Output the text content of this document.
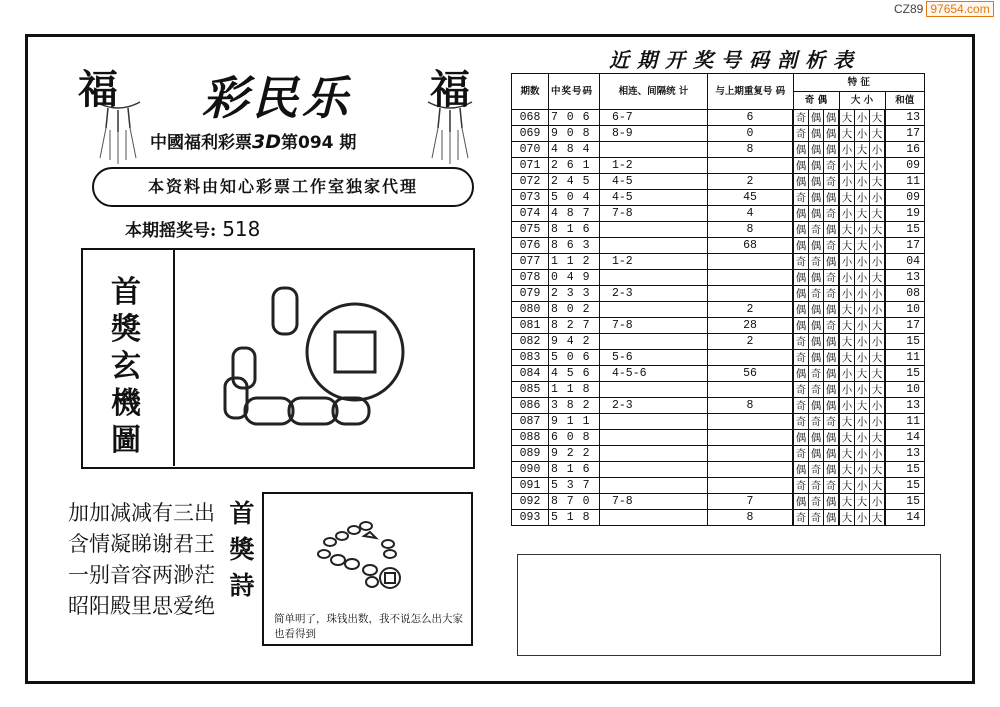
CZ89 97654.com
福	福
彩民乐
中國福利彩票3D第094 期
本资料由知心彩票工作室独家代理
本期摇奖号: 518
首
獎
玄
機
圖
加加减减有三出
含情凝睇谢君王
一别音容两渺茫
昭阳殿里思爱绝
首
獎
詩
简单明了，珠钱出数，我不说怎么出大家也看得到
近期开奖号码剖析表
期数	中奖号码	相连、间隔统 计	与上期重复号 码	特 征						
				奇 偶			大 小			和值
068	7 0 6	6-7	6	奇	偶	偶	大	小	大	13
069	9 0 8	8-9	0	奇	偶	偶	大	小	大	17
070	4 8 4		8	偶	偶	偶	小	大	小	16
071	2 6 1	1-2		偶	偶	奇	小	大	小	09
072	2 4 5	4-5	2	偶	偶	奇	小	小	大	11
073	5 0 4	4-5	45	奇	偶	偶	大	小	小	09
074	4 8 7	7-8	4	偶	偶	奇	小	大	大	19
075	8 1 6		8	偶	奇	偶	大	小	大	15
076	8 6 3		68	偶	偶	奇	大	大	小	17
077	1 1 2	1-2		奇	奇	偶	小	小	小	04
078	0 4 9			偶	偶	奇	小	小	大	13
079	2 3 3	2-3		偶	奇	奇	小	小	小	08
080	8 0 2		2	偶	偶	偶	大	小	小	10
081	8 2 7	7-8	28	偶	偶	奇	大	小	大	17
082	9 4 2		2	奇	偶	偶	大	小	小	15
083	5 0 6	5-6		奇	偶	偶	大	小	大	11
084	4 5 6	4-5-6	56	偶	奇	偶	小	大	大	15
085	1 1 8			奇	奇	偶	小	小	大	10
086	3 8 2	2-3	8	奇	偶	偶	小	大	小	13
087	9 1 1			奇	奇	奇	大	小	小	11
088	6 0 8			偶	偶	偶	大	小	大	14
089	9 2 2			奇	偶	偶	大	小	小	13
090	8 1 6			偶	奇	偶	大	小	大	15
091	5 3 7			奇	奇	奇	大	小	大	15
092	8 7 0	7-8	7	偶	奇	偶	大	大	小	15
093	5 1 8		8	奇	奇	偶	大	小	大	14
